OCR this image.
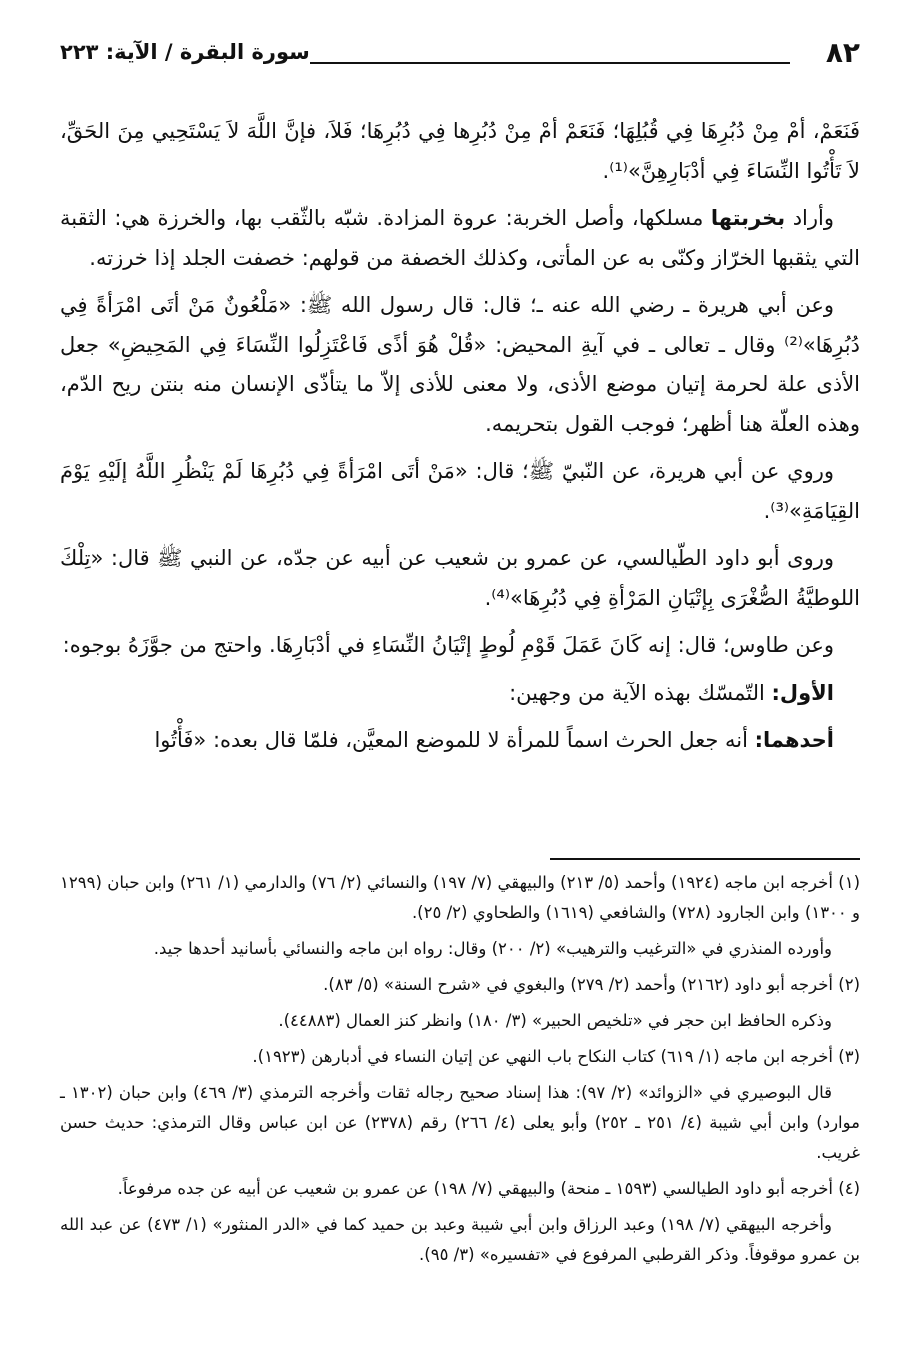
٨٢
سورة البقرة / الآية: ٢٢٣

فَنَعَمْ، أمْ مِنْ دُبُرِهَا فِي قُبُلِهَا؛ فَنَعَمْ أمْ مِنْ دُبُرِها فِي دُبُرِهَا؛ فَلاَ، فإنَّ اللَّهَ لاَ يَسْتَحِيي مِنَ الحَقِّ، لاَ تَأْتُوا النِّسَاءَ فِي أدْبَارِهِنَّ»⁽¹⁾.

وأراد بخربتها مسلكها، وأصل الخربة: عروة المزادة. شبّه بالثّقب بها، والخرزة هي: الثقبة التي يثقبها الخرّاز وكنّى به عن المأتى، وكذلك الخصفة من قولهم: خصفت الجلد إذا خرزته.

وعن أبي هريرة ـ رضي الله عنه ـ؛ قال: قال رسول الله ﷺ: «مَلْعُونٌ مَنْ أتَى امْرَأةً فِي دُبُرِهَا»⁽²⁾ وقال ـ تعالى ـ في آيةِ المحيض: «قُلْ هُوَ أذًى فَاعْتَزِلُوا النِّسَاءَ فِي المَحِيضِ» جعل الأذى علة لحرمة إتيان موضع الأذى، ولا معنى للأذى إلاّ ما يتأذّى الإنسان منه بنتن ريح الدّم، وهذه العلّة هنا أظهر؛ فوجب القول بتحريمه.

وروي عن أبي هريرة، عن النّبيّ ﷺ؛ قال: «مَنْ أتَى امْرَأةً فِي دُبُرِهَا لَمْ يَنْظُرِ اللَّهُ إلَيْهِ يَوْمَ القِيَامَةِ»⁽³⁾.

وروى أبو داود الطّيالسي، عن عمرو بن شعيب عن أبيه عن جدّه، عن النبي ﷺ قال: «تِلْكَ اللوطيَّةُ الصُّغْرَى بِإتْيَانِ المَرْأةِ فِي دُبُرِهَا»⁽⁴⁾.

وعن طاوس؛ قال: إنه كَانَ عَمَلَ قَوْمِ لُوطٍ إتْيَانُ النِّسَاءِ في أدْبَارِهَا. واحتج من جوَّزَهُ بوجوه:

الأول: التّمسّك بهذه الآية من وجهين:

أحدهما: أنه جعل الحرث اسماً للمرأة لا للموضع المعيَّن، فلمّا قال بعده: «فَأْتُوا

(١) أخرجه ابن ماجه (١٩٢٤) وأحمد (٥/ ٢١٣) والبيهقي (٧/ ١٩٧) والنسائي (٢/ ٧٦) والدارمي (١/ ٢٦١) وابن حبان (١٢٩٩ و ١٣٠٠) وابن الجارود (٧٢٨) والشافعي (١٦١٩) والطحاوي (٢/ ٢٥).

وأورده المنذري في «الترغيب والترهيب» (٢/ ٢٠٠) وقال: رواه ابن ماجه والنسائي بأسانيد أحدها جيد.

(٢) أخرجه أبو داود (٢١٦٢) وأحمد (٢/ ٢٧٩) والبغوي في «شرح السنة» (٥/ ٨٣).

وذكره الحافظ ابن حجر في «تلخيص الحبير» (٣/ ١٨٠) وانظر كنز العمال (٤٤٨٨٣).

(٣) أخرجه ابن ماجه (١/ ٦١٩) كتاب النكاح باب النهي عن إتيان النساء في أدبارهن (١٩٢٣).

قال البوصيري في «الزوائد» (٢/ ٩٧): هذا إسناد صحيح رجاله ثقات وأخرجه الترمذي (٣/ ٤٦٩) وابن حبان (١٣٠٢ ـ موارد) وابن أبي شيبة (٤/ ٢٥١ ـ ٢٥٢) وأبو يعلى (٤/ ٢٦٦) رقم (٢٣٧٨) عن ابن عباس وقال الترمذي: حديث حسن غريب.

(٤) أخرجه أبو داود الطيالسي (١٥٩٣ ـ منحة) والبيهقي (٧/ ١٩٨) عن عمرو بن شعيب عن أبيه عن جده مرفوعاً.

وأخرجه البيهقي (٧/ ١٩٨) وعبد الرزاق وابن أبي شيبة وعبد بن حميد كما في «الدر المنثور» (١/ ٤٧٣) عن عبد الله بن عمرو موقوفاً. وذكر القرطبي المرفوع في «تفسيره» (٣/ ٩٥).
